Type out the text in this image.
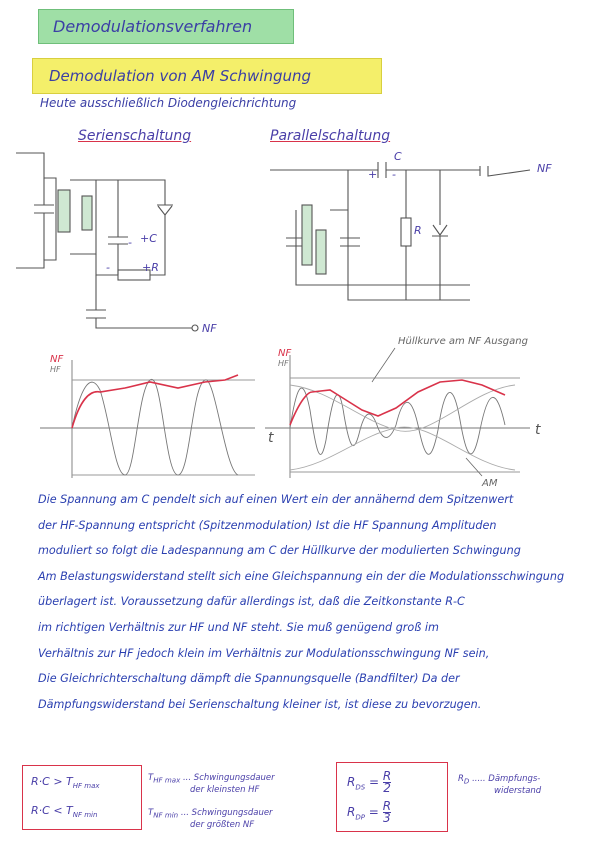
Demodulationsverfahren
Demodulation von AM Schwingung
Heute ausschließlich Diodengleichrichtung
Serienschaltung	Parallelschaltung
+C
-
+R
-
NF
C
+ -
R
NF
NF
NF
HF
HF
t	t
Hüllkurve am NF Ausgang
AM
Die Spannung am C pendelt sich auf einen Wert ein der annähernd dem Spitzenwert
der HF-Spannung entspricht (Spitzenmodulation) Ist die HF Spannung Amplituden
moduliert so folgt die Ladespannung am C der Hüllkurve der modulierten Schwingung
Am Belastungswiderstand stellt sich eine Gleichspannung ein der die Modulationsschwingung
überlagert ist. Voraussetzung dafür allerdings ist, daß die Zeitkonstante R-C
im richtigen Verhältnis zur HF und NF steht. Sie muß genügend groß im
Verhältnis zur HF jedoch klein im Verhältnis zur Modulationsschwingung NF sein,
Die Gleichrichterschaltung dämpft die Spannungsquelle (Bandfilter) Da der
Dämpfungswiderstand bei Serienschaltung kleiner ist, ist diese zu bevorzugen.
$R\cdot C > T_{HF max}$
$R\cdot C < T_{NF min}$
$T_{HF max}$ ... Schwingungsdauer
der kleinsten HF
$T_{NF min}$ ... Schwingungsdauer
der größten NF
$R_{DS} = \frac{R}{2}$
$R_{DP} = \frac{R}{3}$
$R_D$ ..... Dämpfungs-
widerstand
